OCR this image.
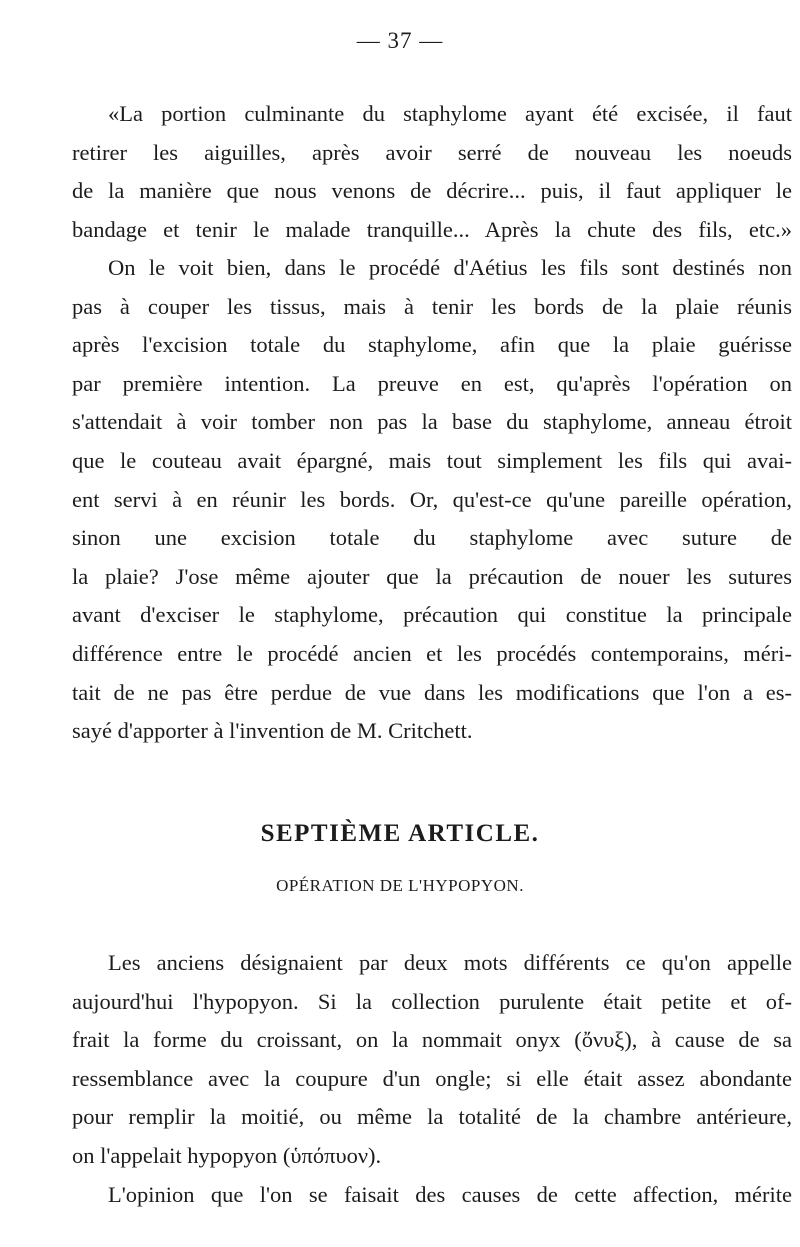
— 37 —

«La portion culminante du staphylome ayant été excisée, il faut
retirer les aiguilles, après avoir serré de nouveau les noeuds
de la manière que nous venons de décrire... puis, il faut appliquer le
bandage et tenir le malade tranquille... Après la chute des fils, etc.»

On le voit bien, dans le procédé d'Aétius les fils sont destinés non
pas à couper les tissus, mais à tenir les bords de la plaie réunis
après l'excision totale du staphylome, afin que la plaie guérisse
par première intention. La preuve en est, qu'après l'opération on
s'attendait à voir tomber non pas la base du staphylome, anneau étroit
que le couteau avait épargné, mais tout simplement les fils qui avai-
ent servi à en réunir les bords. Or, qu'est-ce qu'une pareille opération,
sinon une excision totale du staphylome avec suture de
la plaie? J'ose même ajouter que la précaution de nouer les sutures
avant d'exciser le staphylome, précaution qui constitue la principale
différence entre le procédé ancien et les procédés contemporains, méri-
tait de ne pas être perdue de vue dans les modifications que l'on a es-
sayé d'apporter à l'invention de M. Critchett.

SEPTIÈME ARTICLE.
OPÉRATION DE L'HYPOPYON.

Les anciens désignaient par deux mots différents ce qu'on appelle
aujourd'hui l'hypopyon. Si la collection purulente était petite et of-
frait la forme du croissant, on la nommait onyx (ὄνυξ), à cause de sa
ressemblance avec la coupure d'un ongle; si elle était assez abondante
pour remplir la moitié, ou même la totalité de la chambre antérieure,
on l'appelait hypopyon (ὑπόπυον).

L'opinion que l'on se faisait des causes de cette affection, mérite
